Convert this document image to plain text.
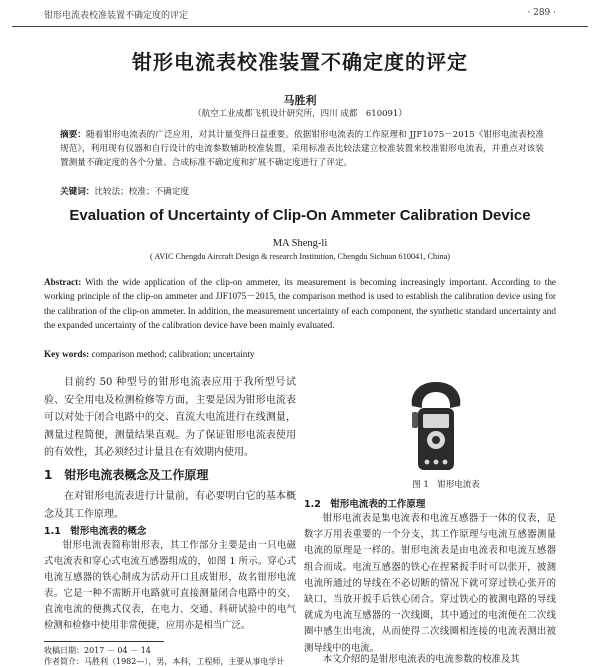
钳形电流表校准装置不确定度的评定	· 289 ·
钳形电流表校准装置不确定度的评定
马胜利
（航空工业成都飞机设计研究所，四川 成都　610091）
摘要：随着钳形电流表的广泛应用，对其计量变得日益重要。依据钳形电流表的工作原理和 JJF1075－2015《钳形电流表校准规范》，利用现有仪器和自行设计的电流参数辅助校准装置，采用标准表比较法建立校准装置来校准钳形电流表，并重点对该装置测量不确定度的各个分量、合成标准不确定度和扩展不确定度进行了评定。
关键词：比较法；校准；不确定度
Evaluation of Uncertainty of Clip-On Ammeter Calibration Device
MA Sheng-li
( AVIC Chengdu Aircraft Design & research Institution, Chengdu Sichuan 610041, China)
Abstract: With the wide application of the clip-on ammeter, its measurement is becoming increasingly important. According to the working principle of the clip-on ammeter and JJF1075－2015, the comparison method is used to establish the calibration device using for the calibration of the clip-on ammeter. In addition, the measurement uncertainty of each component, the synthetic standard uncertainty and the expanded uncertainty of the calibration device have been mainly evaluated.
Key words: comparison method; calibration; uncertainty
目前约 50 种型号的钳形电流表应用于我所型号试验、安全用电及检测检修等方面，主要是因为钳形电流表可以对处于闭合电路中的交、直流大电流进行在线测量，测量过程简便，测量结果直观。为了保证钳形电流表使用的有效性，其必须经过计量且在有效期内使用。
1　钳形电流表概念及工作原理
在对钳形电流表进行计量前，有必要明白它的基本概念及其工作原理。
1.1　钳形电流表的概念
钳形电流表简称钳形表，其工作部分主要是由一只电磁式电流表和穿心式电流互感器组成的，如图 1 所示。穿心式电流互感器的铁心制成为活动开口且成钳形，故名钳形电流表。它是一种不需断开电路就可直接测量闭合电路中的交、直流电流的便携式仪表，在电力、交通、科研试验中的电气检测和检修中使用非常便捷，应用亦是相当广泛。
图 1　钳形电流表
1.2　钳形电流表的工作原理
钳形电流表是集电流表和电流互感器于一体的仪表，是数字万用表重要的一个分支，其工作原理与电流互感器测量电流的原理是一样的。钳形电流表是由电流表和电流互感器组合而成。电流互感器的铁心在捏紧扳手时可以张开，被测电流所通过的导线在不必切断的情况下就可穿过铁心张开的缺口，当放开扳手后铁心闭合。穿过铁心的被测电路的导线就成为电流互感器的一次线圈，其中通过的电流便在二次线圈中感生出电流，从而使得二次线圈相连接的电流表测出被测导线中的电流。
本文介绍的是钳形电流表的电流参数的校准及其
收稿日期：2017 － 04 － 14
作者简介：马胜利（1982—），男，本科，工程师，主要从事电学计
